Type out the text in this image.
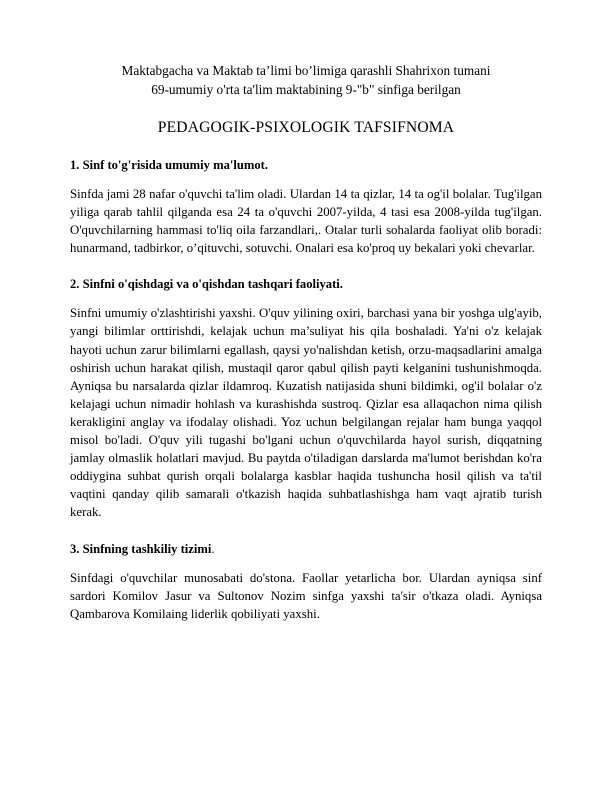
Maktabgacha va Maktab ta’limi bo’limiga qarashli Shahrixon tumani
69-umumiy o'rta ta'lim maktabining 9-"b" sinfiga berilgan
PEDAGOGIK-PSIXOLOGIK TAFSIFNOMA
1. Sinf to'g'risida umumiy ma'lumot.

Sinfda jami 28 nafar o'quvchi ta'lim oladi. Ulardan 14 ta qizlar, 14 ta og'il bolalar. Tug'ilgan yiliga qarab tahlil qilganda esa 24 ta o'quvchi 2007-yilda, 4 tasi esa 2008-yilda tug'ilgan. O'quvchilarning hammasi to'liq oila farzandlari,. Otalar turli sohalarda faoliyat olib boradi: hunarmand, tadbirkor, o’qituvchi, sotuvchi. Onalari esa ko'proq uy bekalari yoki chevarlar.

2. Sinfni o'qishdagi va o'qishdan tashqari faoliyati.

Sinfni umumiy o'zlashtirishi yaxshi. O'quv yilining oxiri, barchasi yana bir yoshga ulg'ayib, yangi bilimlar orttirishdi, kelajak uchun ma’suliyat his qila boshaladi. Ya'ni o'z kelajak hayoti uchun zarur bilimlarni egallash, qaysi yo'nalishdan ketish, orzu-maqsadlarini amalga oshirish uchun harakat qilish, mustaqil qaror qabul qilish payti kelganini tushunishmoqda. Ayniqsa bu narsalarda qizlar ildamroq. Kuzatish natijasida shuni bildimki, og'il bolalar o'z kelajagi uchun nimadir hohlash va kurashishda sustroq. Qizlar esa allaqachon nima qilish kerakligini anglay va ifodalay olishadi. Yoz uchun belgilangan rejalar ham bunga yaqqol misol bo'ladi. O'quv yili tugashi bo'lgani uchun o'quvchilarda hayol surish, diqqatning jamlay olmaslik holatlari mavjud. Bu paytda o'tiladigan darslarda ma'lumot berishdan ko'ra oddiygina suhbat qurish orqali bolalarga kasblar haqida tushuncha hosil qilish va ta'til vaqtini qanday qilib samarali o'tkazish haqida suhbatlashishga ham vaqt ajratib turish kerak.

3. Sinfning tashkiliy tizimi.

Sinfdagi o'quvchilar munosabati do'stona. Faollar yetarlicha bor. Ulardan ayniqsa sinf sardori Komilov Jasur va Sultonov Nozim sinfga yaxshi ta'sir o'tkaza oladi. Ayniqsa Qambarova Komilaing liderlik qobiliyati yaxshi.
